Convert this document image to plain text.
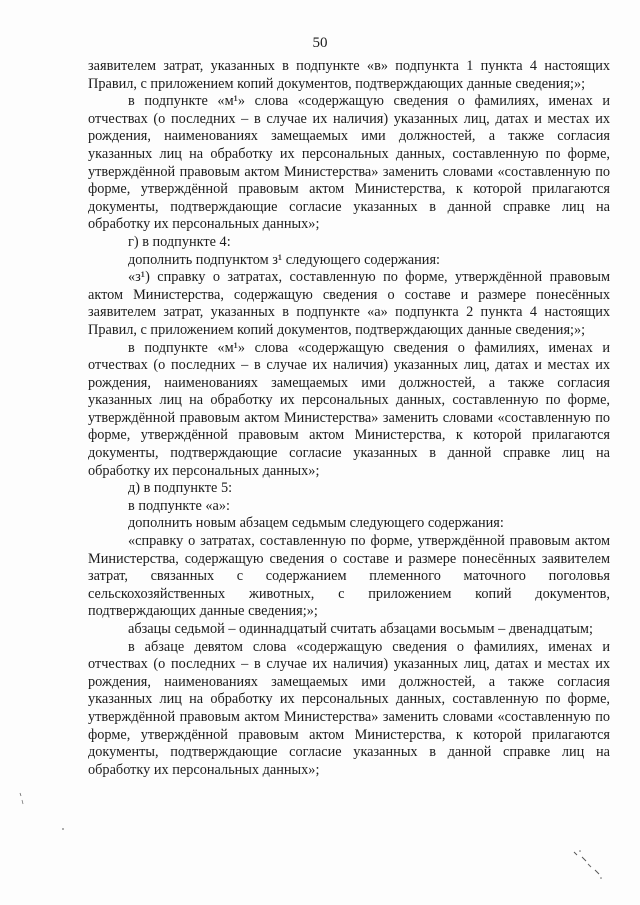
50

заявителем затрат, указанных в подпункте «в» подпункта 1 пункта 4 настоящих Правил, с приложением копий документов, подтверждающих данные сведения;»;

в подпункте «м¹» слова «содержащую сведения о фамилиях, именах и отчествах (о последних – в случае их наличия) указанных лиц, датах и местах их рождения, наименованиях замещаемых ими должностей, а также согласия указанных лиц на обработку их персональных данных, составленную по форме, утверждённой правовым актом Министерства» заменить словами «составленную по форме, утверждённой правовым актом Министерства, к которой прилагаются документы, подтверждающие согласие указанных в данной справке лиц на обработку их персональных данных»;

г) в подпункте 4:

дополнить подпунктом з¹ следующего содержания:

«з¹) справку о затратах, составленную по форме, утверждённой правовым актом Министерства, содержащую сведения о составе и размере понесённых заявителем затрат, указанных в подпункте «а» подпункта 2 пункта 4 настоящих Правил, с приложением копий документов, подтверждающих данные сведения;»;

в подпункте «м¹» слова «содержащую сведения о фамилиях, именах и отчествах (о последних – в случае их наличия) указанных лиц, датах и местах их рождения, наименованиях замещаемых ими должностей, а также согласия указанных лиц на обработку их персональных данных, составленную по форме, утверждённой правовым актом Министерства» заменить словами «составленную по форме, утверждённой правовым актом Министерства, к которой прилагаются документы, подтверждающие согласие указанных в данной справке лиц на обработку их персональных данных»;

д) в подпункте 5:

в подпункте «а»:

дополнить новым абзацем седьмым следующего содержания:

«справку о затратах, составленную по форме, утверждённой правовым актом Министерства, содержащую сведения о составе и размере понесённых заявителем затрат, связанных с содержанием племенного маточного поголовья сельскохозяйственных животных, с приложением копий документов, подтверждающих данные сведения;»;

абзацы седьмой – одиннадцатый считать абзацами восьмым – двенадцатым;

в абзаце девятом слова «содержащую сведения о фамилиях, именах и отчествах (о последних – в случае их наличия) указанных лиц, датах и местах их рождения, наименованиях замещаемых ими должностей, а также согласия указанных лиц на обработку их персональных данных, составленную по форме, утверждённой правовым актом Министерства» заменить словами «составленную по форме, утверждённой правовым актом Министерства, к которой прилагаются документы, подтверждающие согласие указанных в данной справке лиц на обработку их персональных данных»;
